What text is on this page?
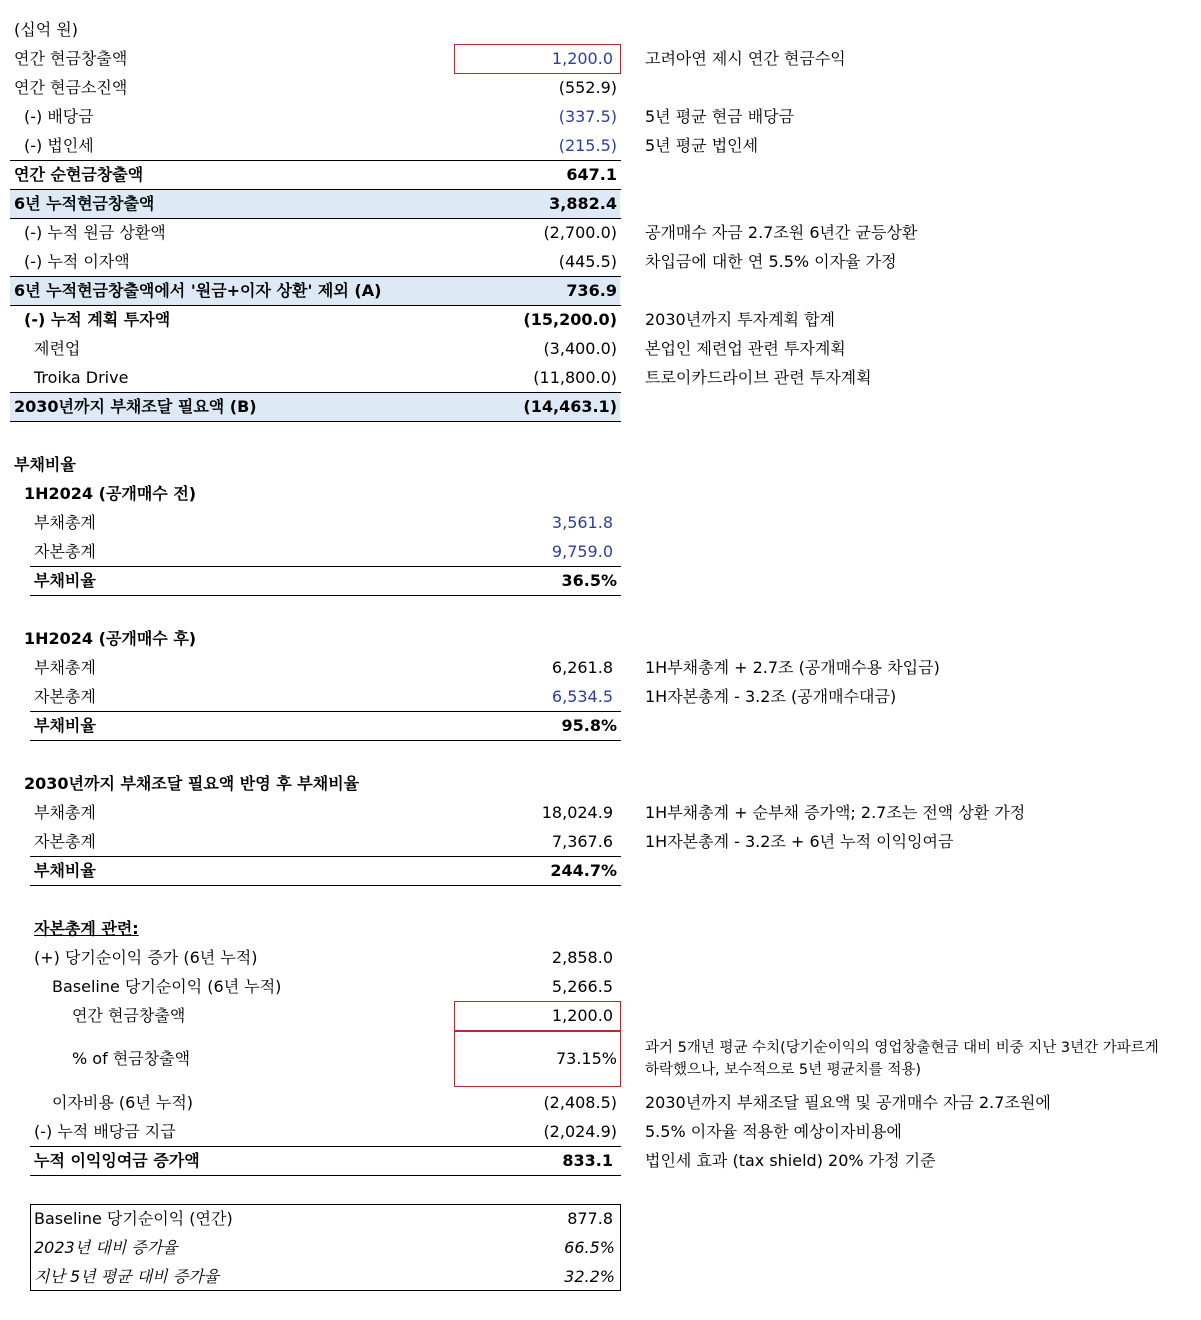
(십억 원)
연간 현금창출액	1,200.0 고려아연 제시 연간 현금수익
연간 현금소진액	(552.9)
(-) 배당금	(337.5) 5년 평균 현금 배당금
(-) 법인세	(215.5) 5년 평균 법인세
연간 순현금창출액	647.1
6년 누적현금창출액	3,882.4
(-) 누적 원금 상환액	(2,700.0) 공개매수 자금 2.7조원 6년간 균등상환
(-) 누적 이자액	(445.5) 차입금에 대한 연 5.5% 이자율 가정
6년 누적현금창출액에서 '원금+이자 상환' 제외 (A)	736.9
(-) 누적 계획 투자액	(15,200.0) 2030년까지 투자계획 합계
제련업	(3,400.0) 본업인 제련업 관련 투자계획
Troika Drive	(11,800.0) 트로이카드라이브 관련 투자계획
2030년까지 부채조달 필요액 (B)	(14,463.1)
부채비율
1H2024 (공개매수 전)
부채총계	3,561.8
자본총계	9,759.0
부채비율	36.5%
1H2024 (공개매수 후)
부채총계	6,261.8 1H부채총계 + 2.7조 (공개매수용 차입금)
자본총계	6,534.5 1H자본총계 - 3.2조 (공개매수대금)
부채비율	95.8%
2030년까지 부채조달 필요액 반영 후 부채비율
부채총계	18,024.9 1H부채총계 + 순부채 증가액; 2.7조는 전액 상환 가정
자본총계	7,367.6 1H자본총계 - 3.2조 + 6년 누적 이익잉여금
부채비율	244.7%
자본총계 관련:
(+) 당기순이익 증가 (6년 누적)	2,858.0
Baseline 당기순이익 (6년 누적)	5,266.5
연간 현금창출액	1,200.0
% of 현금창출액	73.15%
과거 5개년 평균 수치(당기순이익의 영업창출현금 대비 비중 지난 3년간 가파르게
하락했으나, 보수적으로 5년 평균치를 적용)
이자비용 (6년 누적)	(2,408.5) 2030년까지 부채조달 필요액 및 공개매수 자금 2.7조원에
(-) 누적 배당금 지급	(2,024.9) 5.5% 이자율 적용한 예상이자비용에
누적 이익잉여금 증가액	833.1 법인세 효과 (tax shield) 20% 가정 기준
Baseline 당기순이익 (연간)	877.8
2023년 대비 증가율	66.5%
지난 5년 평균 대비 증가율	32.2%
